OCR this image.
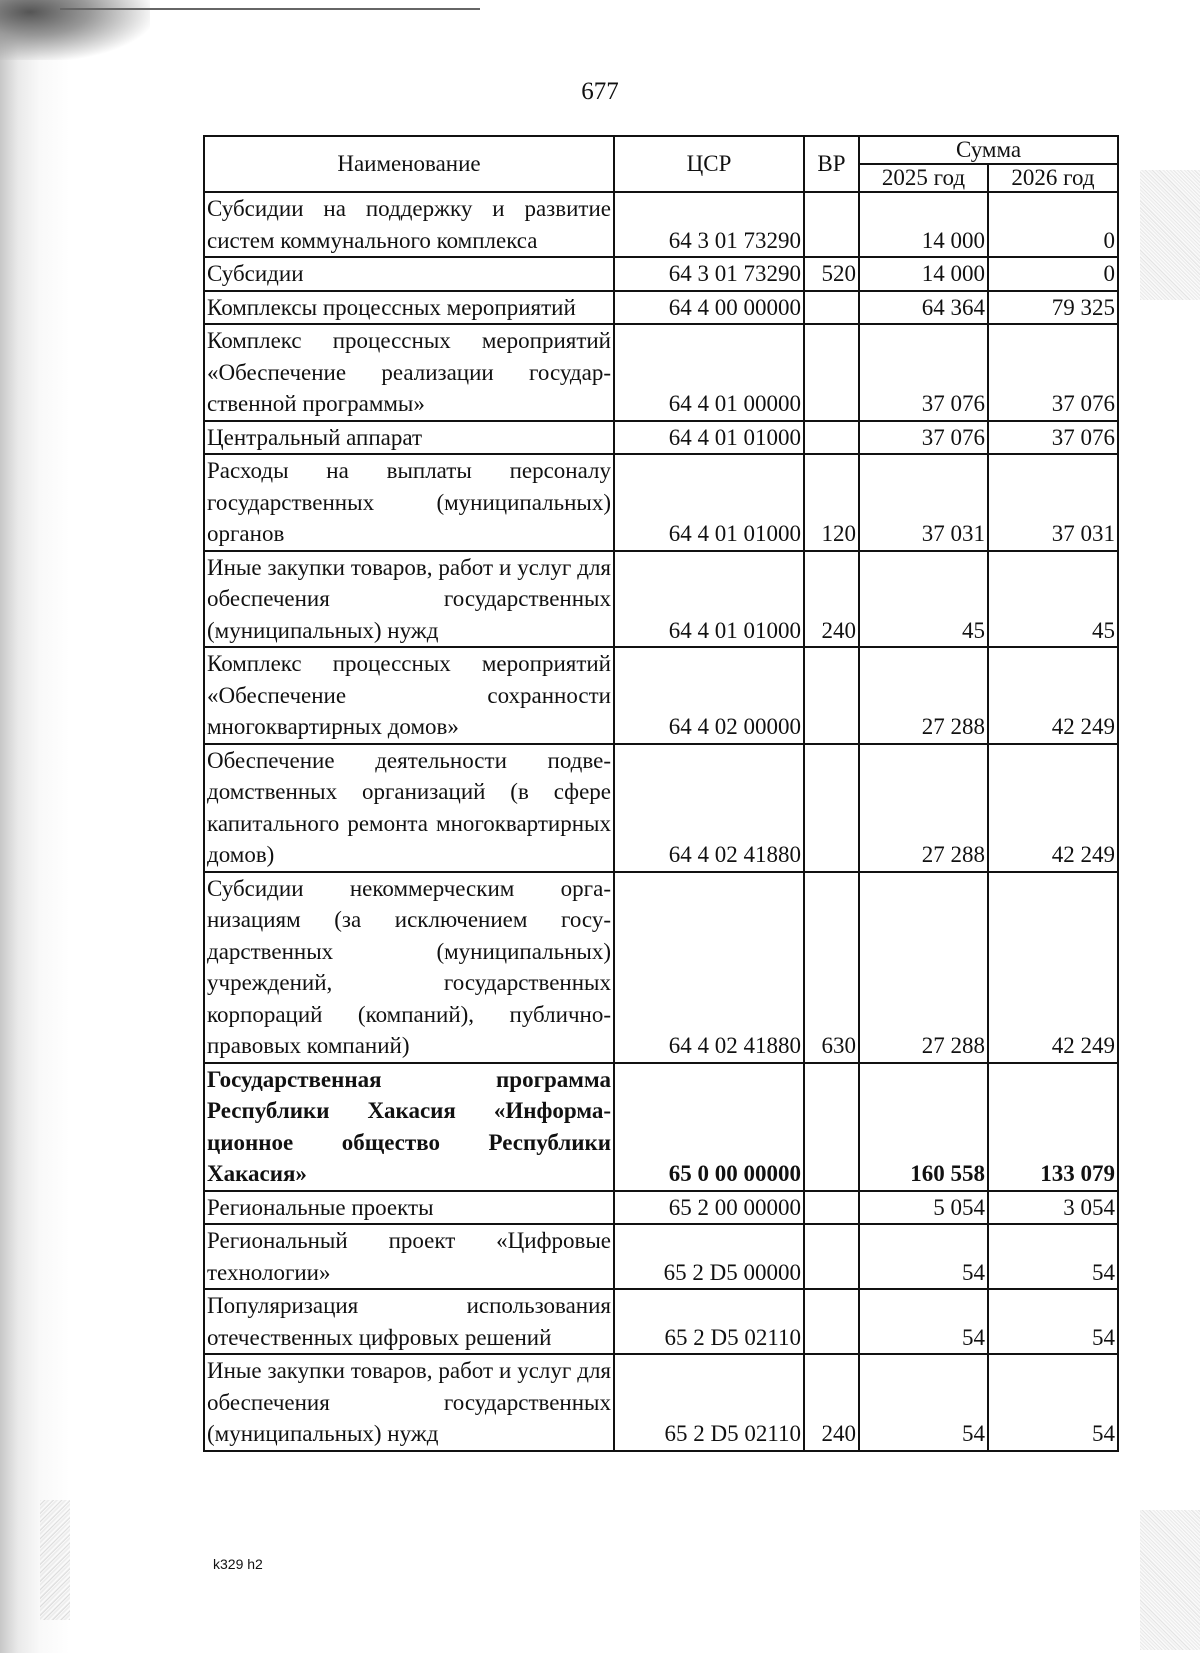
677
Наименование	ЦСР	ВР	Сумма	
			2025 год	2026 год
Субсидии на поддержку и развитие систем коммунального комплекса	64 3 01 73290		14 000	0
Субсидии	64 3 01 73290	520	14 000	0
Комплексы процессных мероприятий	64 4 00 00000		64 364	79 325
Комплекс процессных мероприятий «Обеспечение реализации государственной программы»	64 4 01 00000		37 076	37 076
Центральный аппарат	64 4 01 01000		37 076	37 076
Расходы на выплаты персоналу государственных (муниципальных) органов	64 4 01 01000	120	37 031	37 031
Иные закупки товаров, работ и услуг для обеспечения государственных (муниципальных) нужд	64 4 01 01000	240	45	45
Комплекс процессных мероприятий «Обеспечение сохранности многоквартирных домов»	64 4 02 00000		27 288	42 249
Обеспечение деятельности подведомственных организаций (в сфере капитального ремонта многоквартирных домов)	64 4 02 41880		27 288	42 249
Субсидии некоммерческим организациям (за исключением государственных (муниципальных) учреждений, государственных корпораций (компаний), публично-правовых компаний)	64 4 02 41880	630	27 288	42 249
Государственная программа Республики Хакасия «Информационное общество Республики Хакасия»	65 0 00 00000		160 558	133 079
Региональные проекты	65 2 00 00000		5 054	3 054
Региональный проект «Цифровые технологии»	65 2 D5 00000		54	54
Популяризация использования отечественных цифровых решений	65 2 D5 02110		54	54
Иные закупки товаров, работ и услуг для обеспечения государственных (муниципальных) нужд	65 2 D5 02110	240	54	54
k329 h2
